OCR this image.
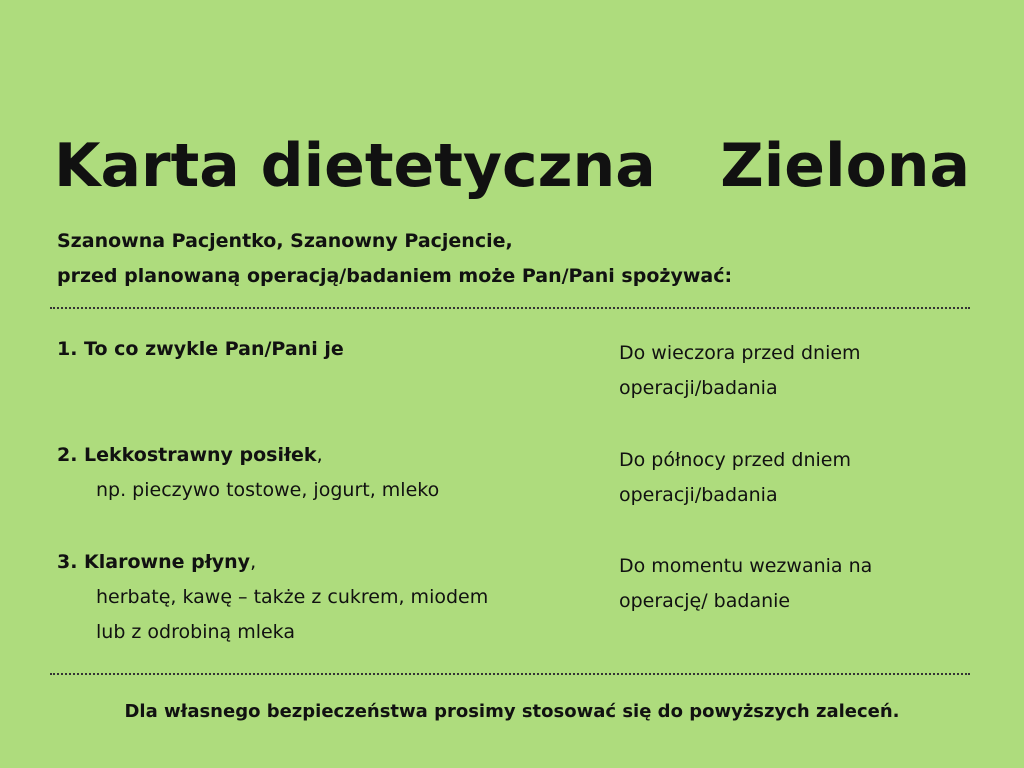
Karta dietetyczna Zielona
Szanowna Pacjentko, Szanowny Pacjencie,
przed planowaną operacją/badaniem może Pan/Pani spożywać:
1. To co zwykle Pan/Pani je	Do wieczora przed dniem
operacji/badania
2. Lekkostrawny posiłek,
np. pieczywo tostowe, jogurt, mleko
Do północy przed dniem
operacji/badania
3. Klarowne płyny,
herbatę, kawę – także z cukrem, miodem
lub z odrobiną mleka
Do momentu wezwania na
operację/ badanie
Dla własnego bezpieczeństwa prosimy stosować się do powyższych zaleceń.
